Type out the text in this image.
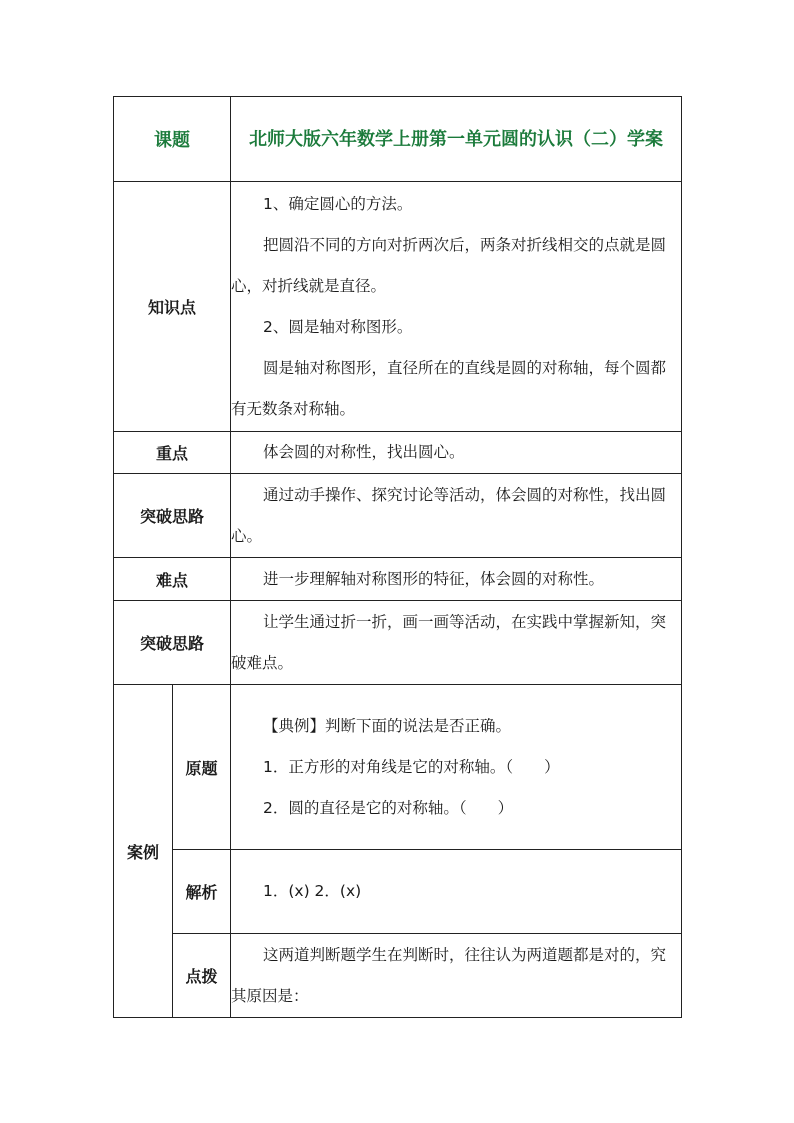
课题		北师大版六年数学上册第一单元圆的认识（二）学案
知识点		1、确定圆心的方法。

把圆沿不同的方向对折两次后，两条对折线相交的点就是圆心，对折线就是直径。

2、圆是轴对称图形。

圆是轴对称图形，直径所在的直线是圆的对称轴，每个圆都有无数条对称轴。

重点		体会圆的对称性，找出圆心。

突破思路		通过动手操作、探究讨论等活动，体会圆的对称性，找出圆心。

难点		进一步理解轴对称图形的特征，体会圆的对称性。

突破思路		让学生通过折一折，画一画等活动，在实践中掌握新知，突破难点。

案例	原题	【典例】判断下面的说法是否正确。

1．正方形的对角线是它的对称轴。（　　）

2．圆的直径是它的对称轴。（　　）

	解析	1．(x) 2．(x)

	点拨	这两道判断题学生在判断时，往往认为两道题都是对的，究其原因是：
